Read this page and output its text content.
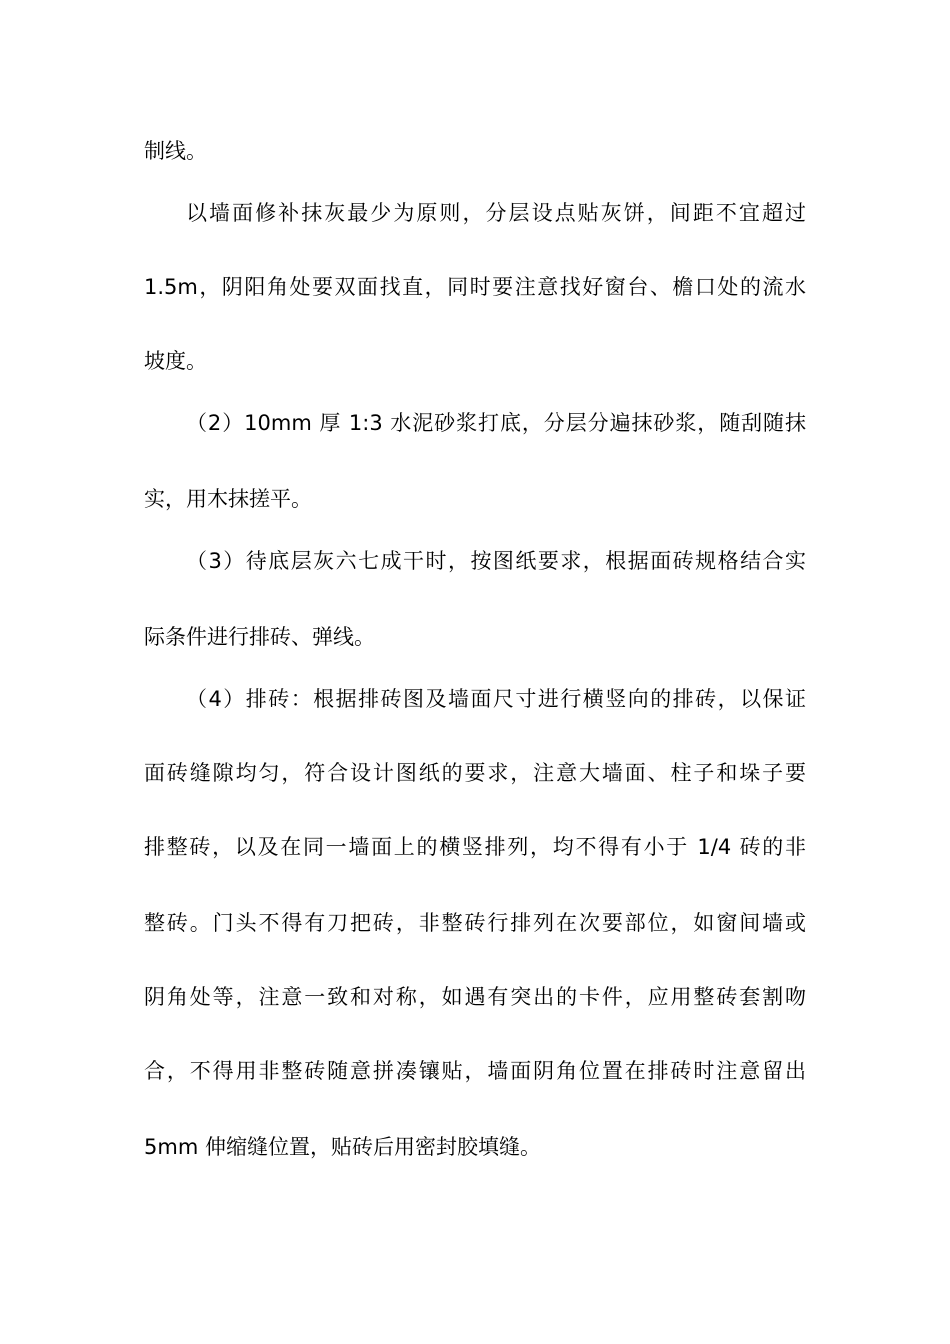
制线。
以墙面修补抹灰最少为原则，分层设点贴灰饼，间距不宜超过
1.5m，阴阳角处要双面找直，同时要注意找好窗台、檐口处的流水
坡度。
（2）10mm 厚 1:3 水泥砂浆打底，分层分遍抹砂浆，随刮随抹
实，用木抹搓平。
（3）待底层灰六七成干时，按图纸要求，根据面砖规格结合实
际条件进行排砖、弹线。
（4）排砖：根据排砖图及墙面尺寸进行横竖向的排砖，以保证
面砖缝隙均匀，符合设计图纸的要求，注意大墙面、柱子和垛子要
排整砖，以及在同一墙面上的横竖排列，均不得有小于 1/4 砖的非
整砖。门头不得有刀把砖，非整砖行排列在次要部位，如窗间墙或
阴角处等，注意一致和对称，如遇有突出的卡件，应用整砖套割吻
合，不得用非整砖随意拼凑镶贴，墙面阴角位置在排砖时注意留出
5mm 伸缩缝位置，贴砖后用密封胶填缝。
